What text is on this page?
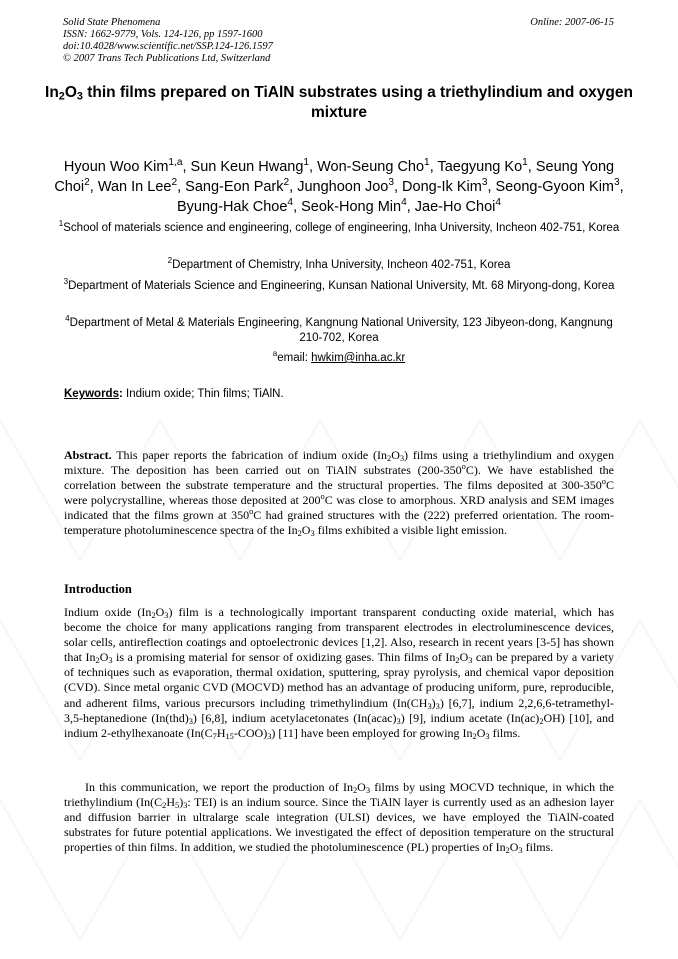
Solid State Phenomena
ISSN: 1662-9779, Vols. 124-126, pp 1597-1600
doi:10.4028/www.scientific.net/SSP.124-126.1597
© 2007 Trans Tech Publications Ltd, Switzerland
Online: 2007-06-15
$In_2O_3$ thin films prepared on TiAlN substrates using a triethylindium and oxygen mixture
Hyoun Woo Kim$^{1,a}$, Sun Keun Hwang$^1$, Won-Seung Cho$^1$, Taegyung Ko$^1$, Seung Yong Choi$^2$, Wan In Lee$^2$, Sang-Eon Park$^2$, Junghoon Joo$^3$, Dong-Ik Kim$^3$, Seong-Gyoon Kim$^3$, Byung-Hak Choe$^4$, Seok-Hong Min$^4$, Jae-Ho Choi$^4$
$^1$School of materials science and engineering, college of engineering, Inha University, Incheon 402-751, Korea
$^2$Department of Chemistry, Inha University, Incheon 402-751, Korea
$^3$Department of Materials Science and Engineering, Kunsan National University, Mt. 68 Miryong-dong, Korea
$^4$Department of Metal & Materials Engineering, Kangnung National University, 123 Jibyeon-dong, Kangnung 210-702, Korea
$^a$email: hwkim@inha.ac.kr
Keywords: Indium oxide; Thin films; TiAlN.
Abstract. This paper reports the fabrication of indium oxide $(In_2O_3)$ films using a triethylindium and oxygen mixture. The deposition has been carried out on TiAlN substrates (200-350$^o$C). We have established the correlation between the substrate temperature and the structural properties. The films deposited at 300-350$^o$C were polycrystalline, whereas those deposited at 200$^o$C was close to amorphous. XRD analysis and SEM images indicated that the films grown at 350$^o$C had grained structures with the (222) preferred orientation. The room-temperature photoluminescence spectra of the $In_2O_3$ films exhibited a visible light emission.
Introduction
Indium oxide $(In_2O_3)$ film is a technologically important transparent conducting oxide material, which has become the choice for many applications ranging from transparent electrodes in electroluminescence devices, solar cells, antireflection coatings and optoelectronic devices [1,2]. Also, research in recent years [3-5] has shown that $In_2O_3$ is a promising material for sensor of oxidizing gases. Thin films of $In_2O_3$ can be prepared by a variety of techniques such as evaporation, thermal oxidation, sputtering, spray pyrolysis, and chemical vapor deposition (CVD). Since metal organic CVD (MOCVD) method has an advantage of producing uniform, pure, reproducible, and adherent films, various precursors including trimethylindium $(In(CH_3)_3)$ [6,7], indium 2,2,6,6-tetramethyl-3,5-heptanedione $(In(thd)_3)$ [6,8], indium acetylacetonates $(In(acac)_3)$ [9], indium acetate $(In(ac)_2OH)$ [10], and indium 2-ethylhexanoate $(In(C_7H_{15}-COO)_3)$ [11] have been employed for growing $In_2O_3$ films.
In this communication, we report the production of $In_2O_3$ films by using MOCVD technique, in which the triethylindium ($In(C_2H_5)_3$: TEI) is an indium source. Since the TiAlN layer is currently used as an adhesion layer and diffusion barrier in ultralarge scale integration (ULSI) devices, we have employed the TiAlN-coated substrates for future potential applications. We investigated the effect of deposition temperature on the structural properties of thin films. In addition, we studied the photoluminescence (PL) properties of $In_2O_3$ films.
